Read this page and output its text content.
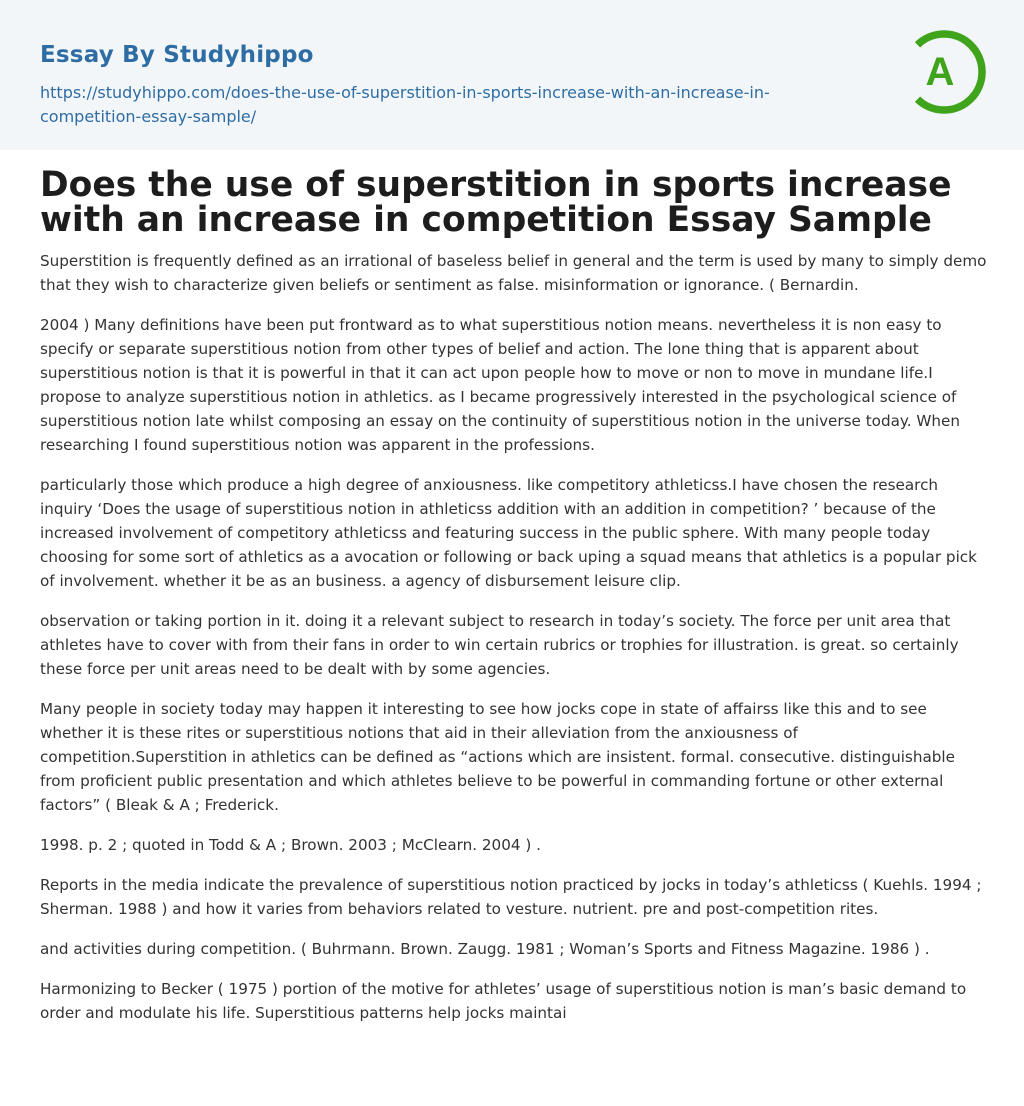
Essay By Studyhippo
https://studyhippo.com/does-the-use-of-superstition-in-sports-increase-with-an-increase-in-competition-essay-sample/
A
Does the use of superstition in sports increase with an increase in competition Essay Sample

Superstition is frequently defined as an irrational of baseless belief in general and the term is used by many to simply demo that they wish to characterize given beliefs or sentiment as false. misinformation or ignorance. ( Bernardin.

2004 ) Many definitions have been put frontward as to what superstitious notion means. nevertheless it is non easy to specify or separate superstitious notion from other types of belief and action. The lone thing that is apparent about superstitious notion is that it is powerful in that it can act upon people how to move or non to move in mundane life.I propose to analyze superstitious notion in athletics. as I became progressively interested in the psychological science of superstitious notion late whilst composing an essay on the continuity of superstitious notion in the universe today. When researching I found superstitious notion was apparent in the professions.

particularly those which produce a high degree of anxiousness. like competitory athleticss.I have chosen the research inquiry ‘Does the usage of superstitious notion in athleticss addition with an addition in competition? ’ because of the increased involvement of competitory athleticss and featuring success in the public sphere. With many people today choosing for some sort of athletics as a avocation or following or back uping a squad means that athletics is a popular pick of involvement. whether it be as an business. a agency of disbursement leisure clip.

observation or taking portion in it. doing it a relevant subject to research in today’s society. The force per unit area that athletes have to cover with from their fans in order to win certain rubrics or trophies for illustration. is great. so certainly these force per unit areas need to be dealt with by some agencies.

Many people in society today may happen it interesting to see how jocks cope in state of affairss like this and to see whether it is these rites or superstitious notions that aid in their alleviation from the anxiousness of competition.Superstition in athletics can be defined as “actions which are insistent. formal. consecutive. distinguishable from proficient public presentation and which athletes believe to be powerful in commanding fortune or other external factors” ( Bleak & A ; Frederick.

1998. p. 2 ; quoted in Todd & A ; Brown. 2003 ; McClearn. 2004 ) .

Reports in the media indicate the prevalence of superstitious notion practiced by jocks in today’s athleticss ( Kuehls. 1994 ; Sherman. 1988 ) and how it varies from behaviors related to vesture. nutrient. pre and post-competition rites.

and activities during competition. ( Buhrmann. Brown. Zaugg. 1981 ; Woman’s Sports and Fitness Magazine. 1986 ) .

Harmonizing to Becker ( 1975 ) portion of the motive for athletes’ usage of superstitious notion is man’s basic demand to order and modulate his life. Superstitious patterns help jocks maintai
